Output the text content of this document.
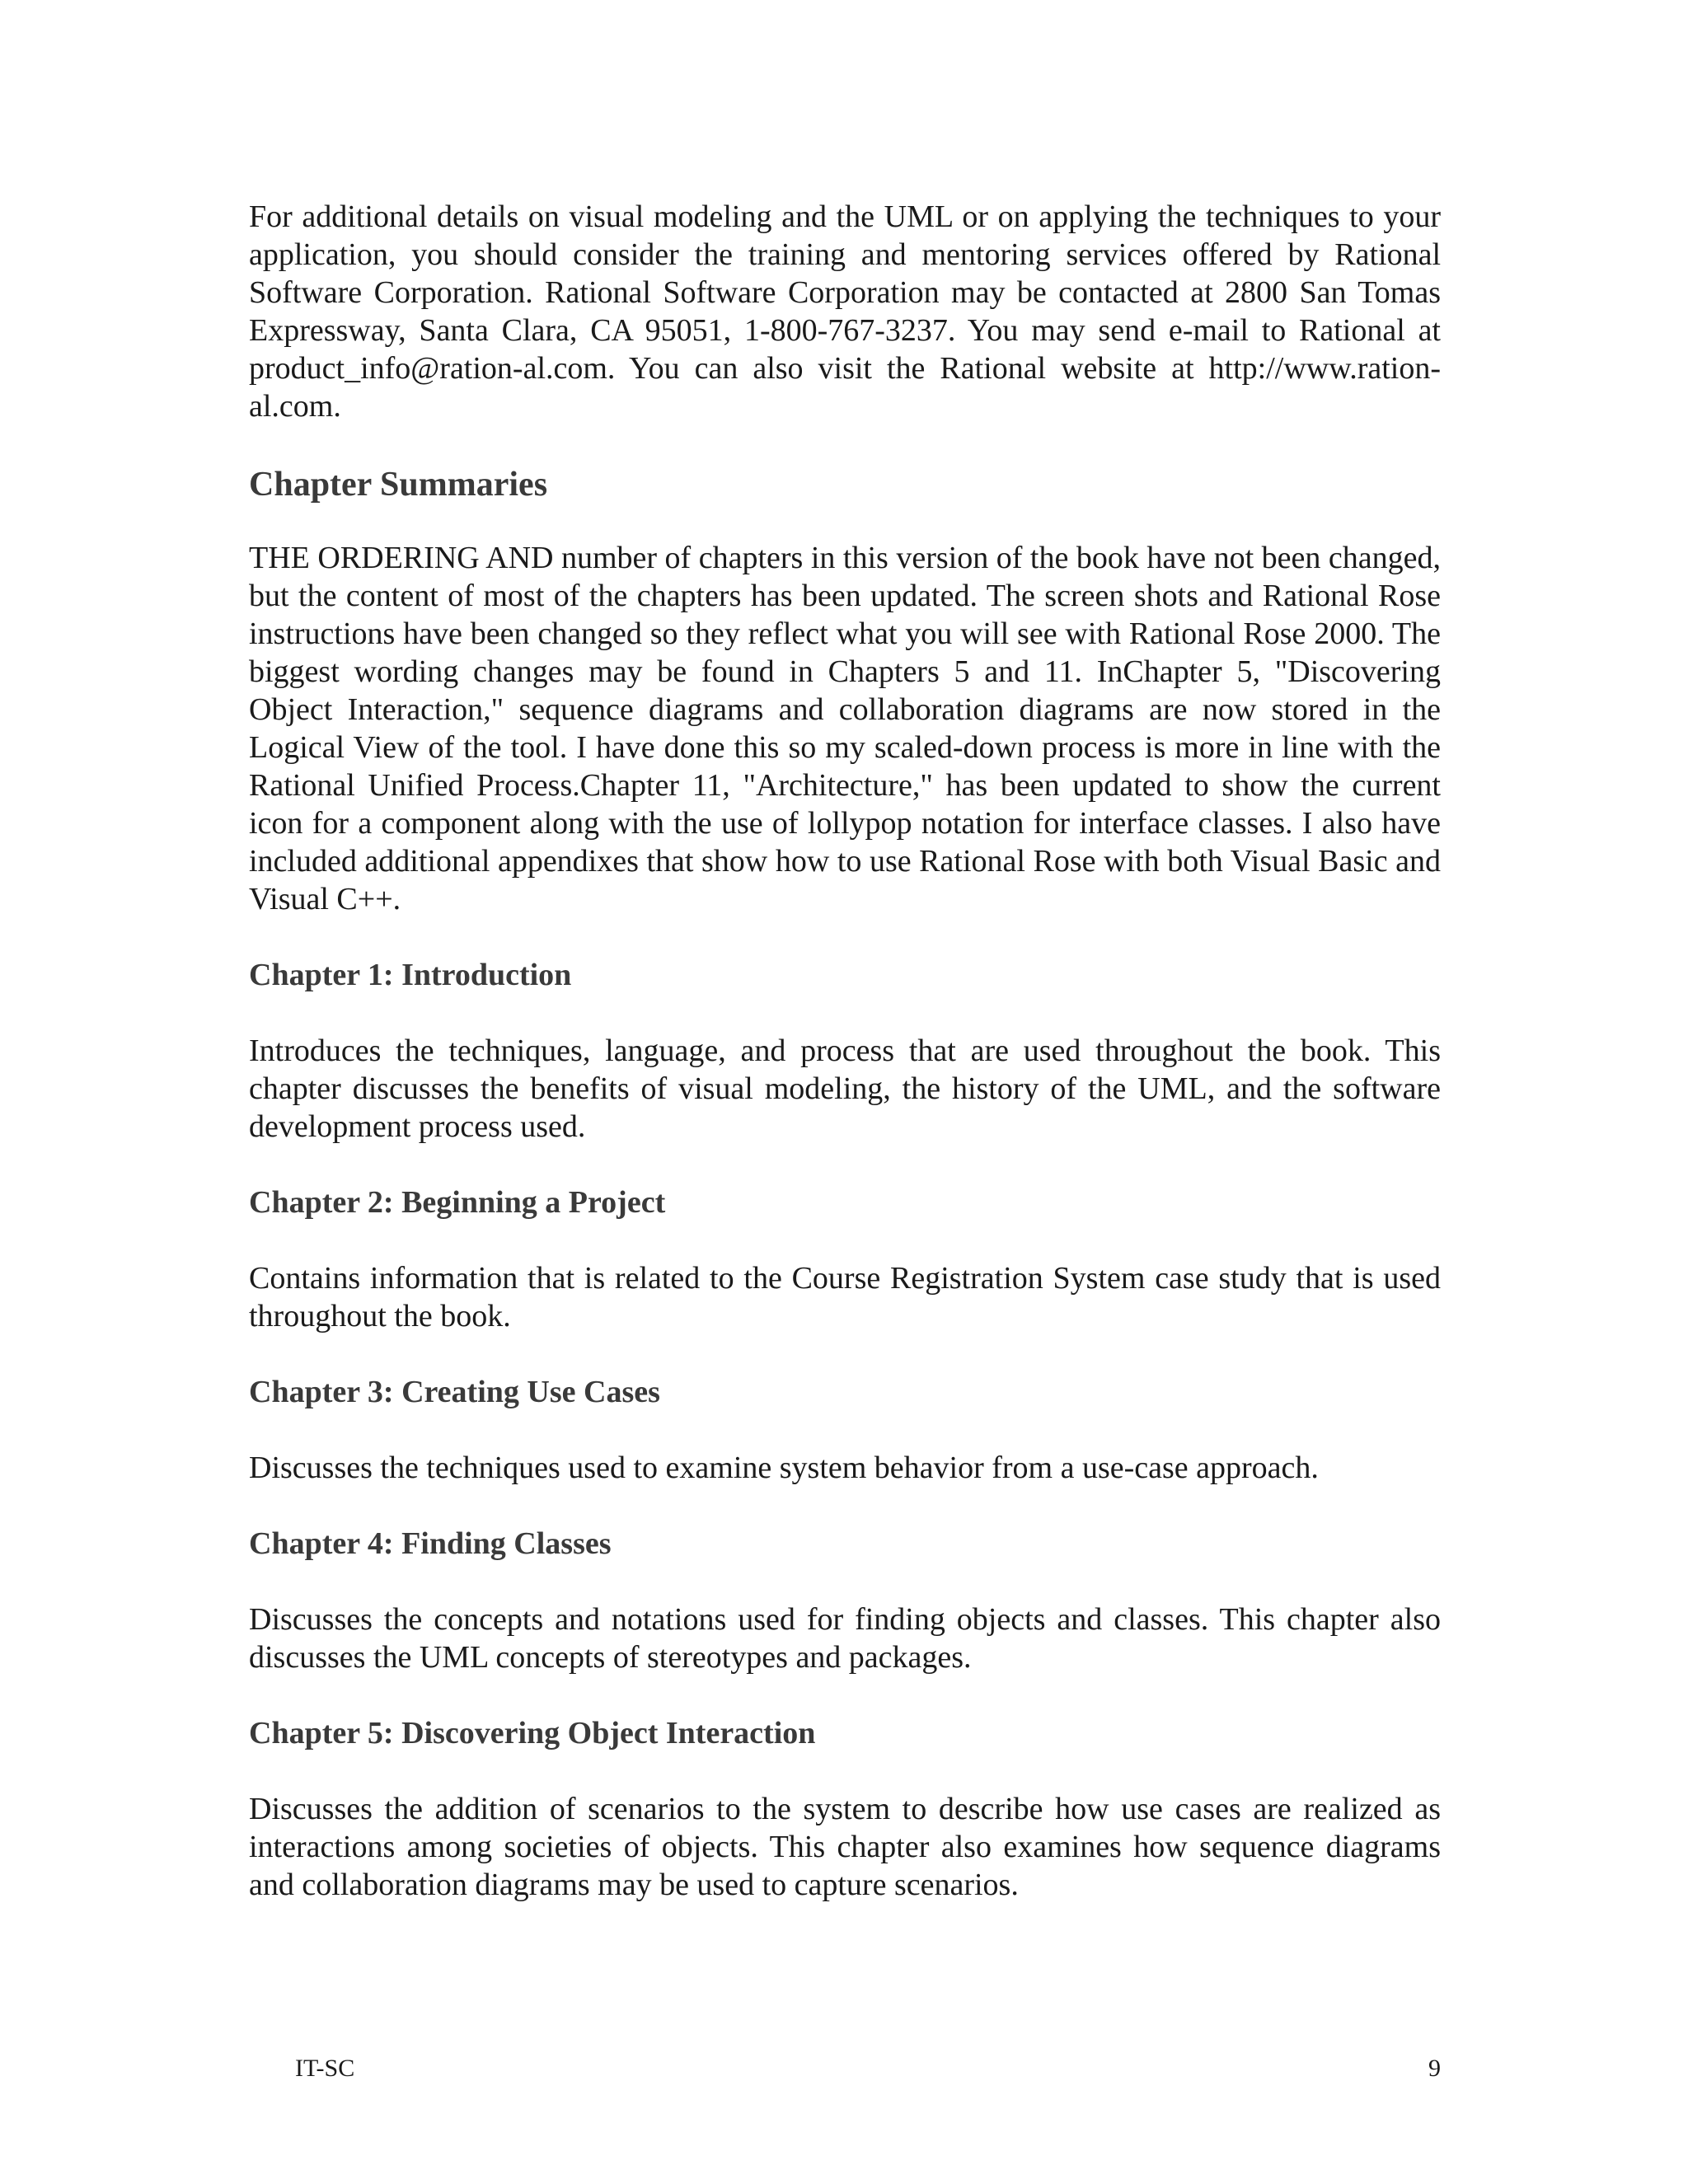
For additional details on visual modeling and the UML or on applying the techniques to your application, you should consider the training and mentoring services offered by Rational Software Corporation. Rational Software Corporation may be contacted at 2800 San Tomas Expressway, Santa Clara, CA 95051, 1-800-767-3237. You may send e-mail to Rational at product_info@ration-al.com. You can also visit the Rational website at http://www.ration-al.com.

Chapter Summaries

THE ORDERING AND number of chapters in this version of the book have not been changed, but the content of most of the chapters has been updated. The screen shots and Rational Rose instructions have been changed so they reflect what you will see with Rational Rose 2000. The biggest wording changes may be found in Chapters 5 and 11. InChapter 5, "Discovering Object Interaction," sequence diagrams and collaboration diagrams are now stored in the Logical View of the tool. I have done this so my scaled-down process is more in line with the Rational Unified Process.Chapter 11, "Architecture," has been updated to show the current icon for a component along with the use of lollypop notation for interface classes. I also have included additional appendixes that show how to use Rational Rose with both Visual Basic and Visual C++.

Chapter 1: Introduction

Introduces the techniques, language, and process that are used throughout the book. This chapter discusses the benefits of visual modeling, the history of the UML, and the software development process used.

Chapter 2: Beginning a Project

Contains information that is related to the Course Registration System case study that is used throughout the book.

Chapter 3: Creating Use Cases

Discusses the techniques used to examine system behavior from a use-case approach.

Chapter 4: Finding Classes

Discusses the concepts and notations used for finding objects and classes. This chapter also discusses the UML concepts of stereotypes and packages.

Chapter 5: Discovering Object Interaction

Discusses the addition of scenarios to the system to describe how use cases are realized as interactions among societies of objects. This chapter also examines how sequence diagrams and collaboration diagrams may be used to capture scenarios.

IT-SC	9
